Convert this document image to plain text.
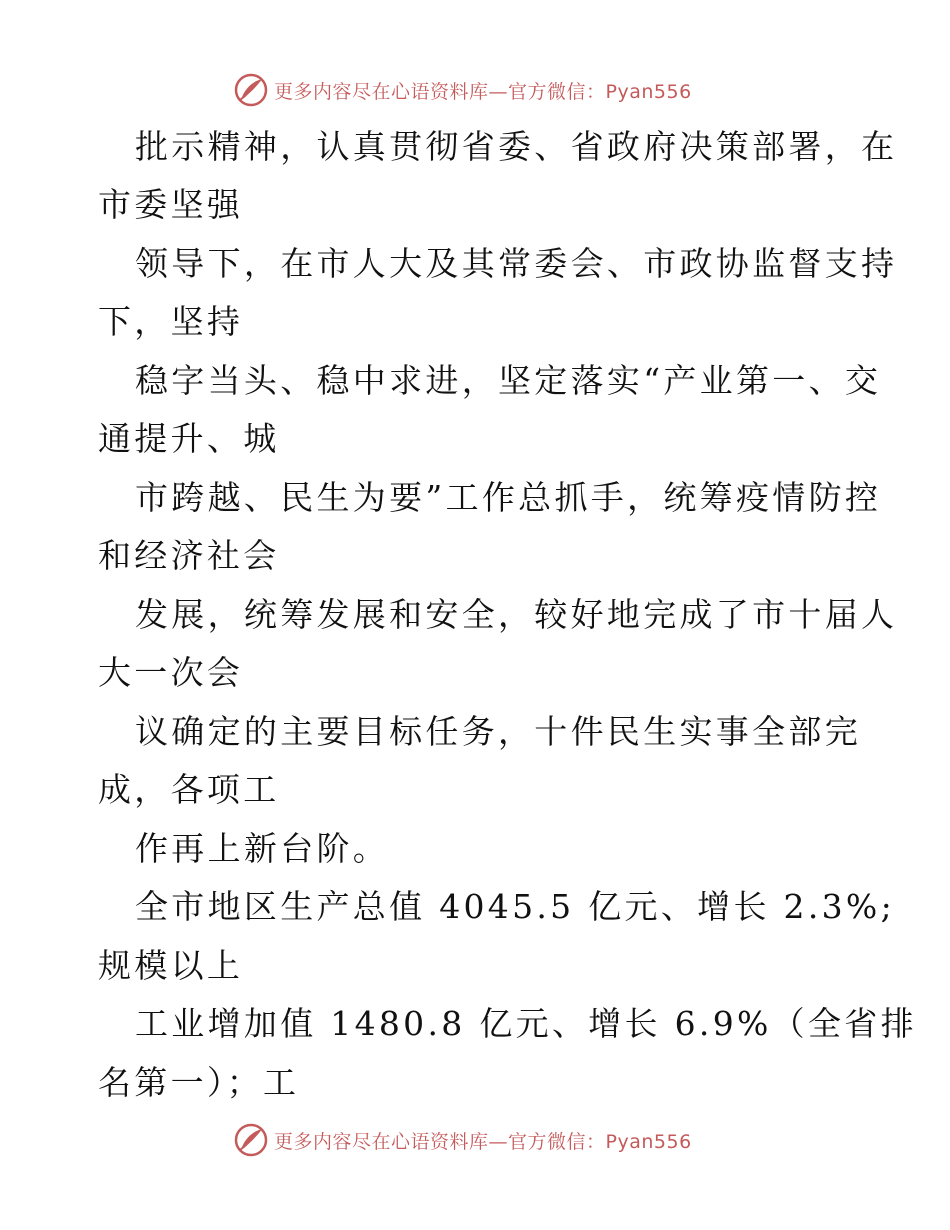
更多内容尽在心语资料库—官方微信：Pyan556
批示精神，认真贯彻省委、省政府决策部署，在
市委坚强
领导下，在市人大及其常委会、市政协监督支持
下，坚持
稳字当头、稳中求进，坚定落实“产业第一、交
通提升、城
市跨越、民生为要”工作总抓手，统筹疫情防控
和经济社会
发展，统筹发展和安全，较好地完成了市十届人
大一次会
议确定的主要目标任务，十件民生实事全部完
成，各项工
作再上新台阶。
全市地区生产总值 4045.5 亿元、增长 2.3%;
规模以上
工业增加值 1480.8 亿元、增长 6.9%（全省排
名第一）；工
更多内容尽在心语资料库—官方微信：Pyan556
